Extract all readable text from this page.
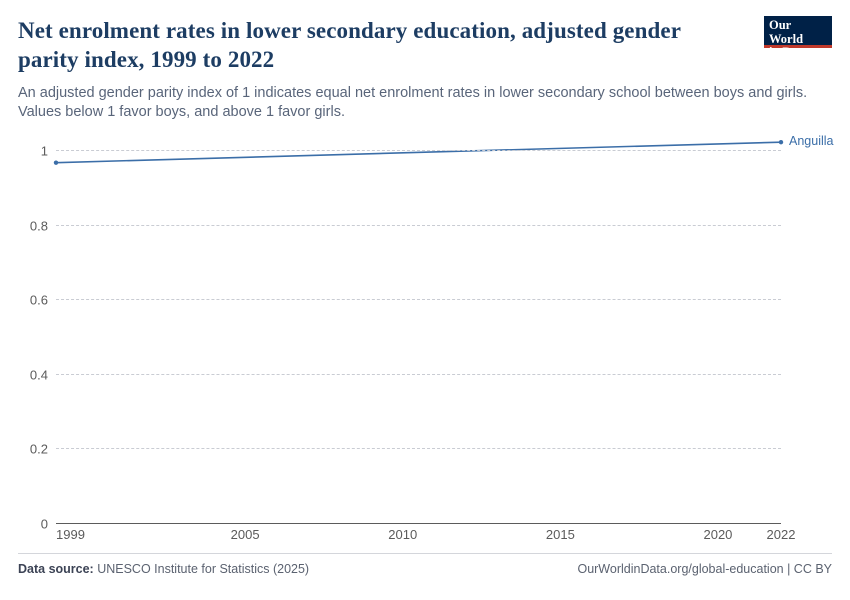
Net enrolment rates in lower secondary education, adjusted gender parity index, 1999 to 2022

An adjusted gender parity index of 1 indicates equal net enrolment rates in lower secondary school between boys and girls. Values below 1 favor boys, and above 1 favor girls.

Our World
in Data
0
0.2
0.4
0.6
0.8
1
1999	2005	2010	2015	2020	2022
Anguilla
Data source: UNESCO Institute for Statistics (2025)	OurWorldinData.org/global-education | CC BY
